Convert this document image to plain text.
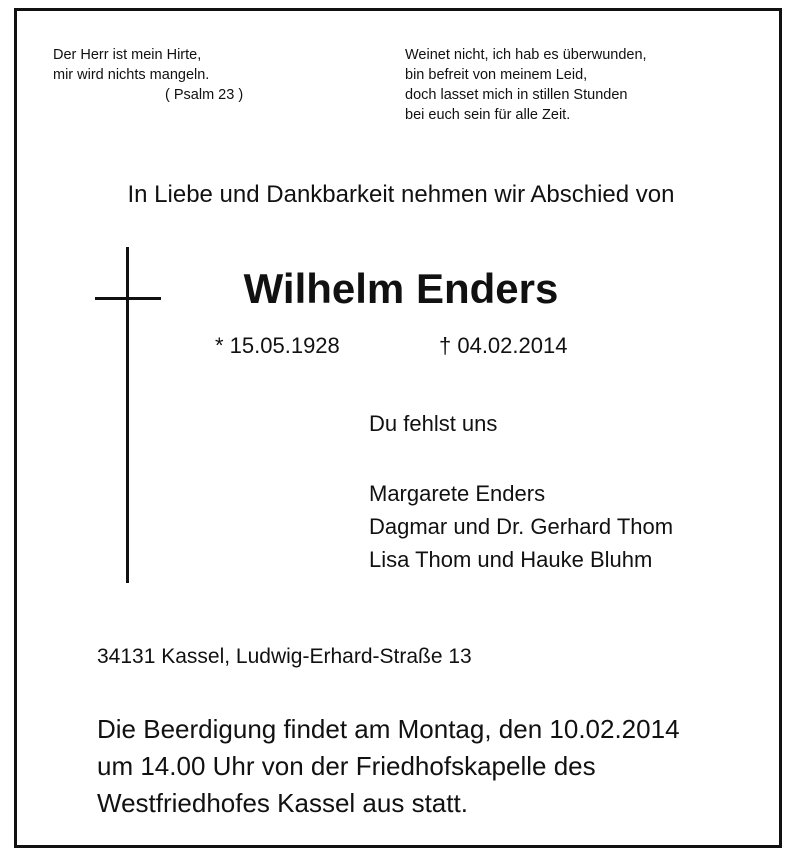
Der Herr ist mein Hirte,
mir wird nichts mangeln.
( Psalm 23 )
Weinet nicht, ich hab es überwunden,
bin befreit von meinem Leid,
doch lasset mich in stillen Stunden
bei euch sein für alle Zeit.
In Liebe und Dankbarkeit nehmen wir Abschied von
Wilhelm Enders
* 15.05.1928	† 04.02.2014
Du fehlst uns
Margarete Enders
Dagmar und Dr. Gerhard Thom
Lisa Thom und Hauke Bluhm
34131 Kassel, Ludwig-Erhard-Straße 13
Die Beerdigung findet am Montag, den 10.02.2014
um 14.00 Uhr von der Friedhofskapelle des
Westfriedhofes Kassel aus statt.
